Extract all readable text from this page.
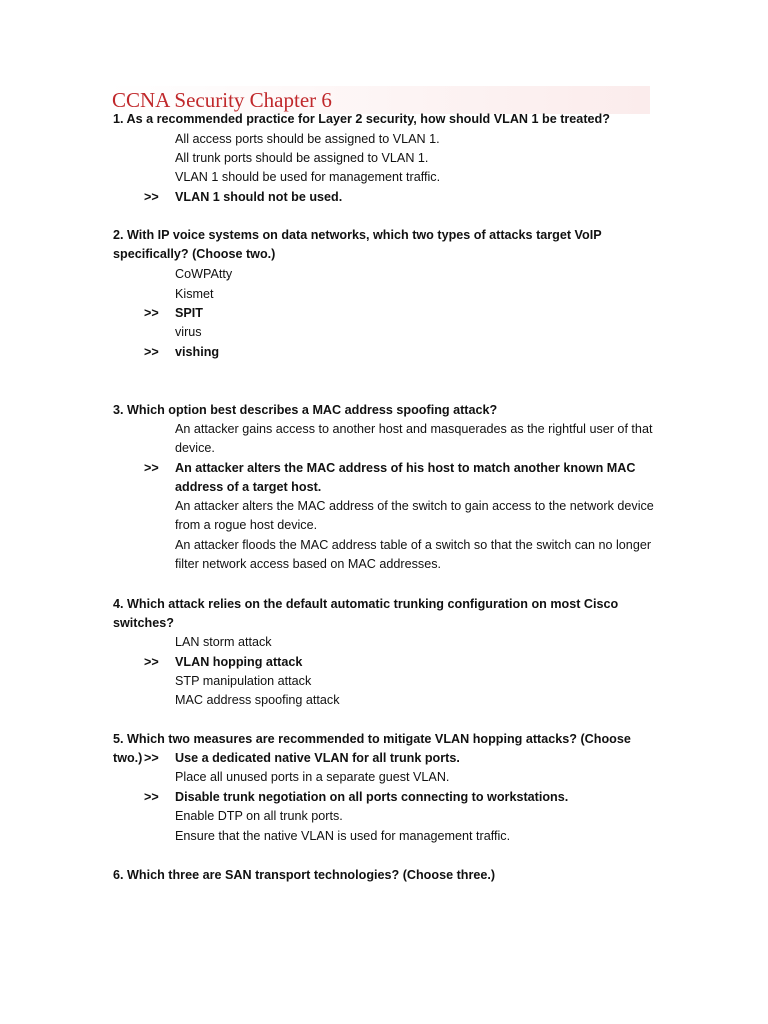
CCNA Security Chapter 6
1. As a recommended practice for Layer 2 security, how should VLAN 1 be treated?
All access ports should be assigned to VLAN 1.
All trunk ports should be assigned to VLAN 1.
VLAN 1 should be used for management traffic.
>> VLAN 1 should not be used.
2. With IP voice systems on data networks, which two types of attacks target VoIP specifically? (Choose two.)
CoWPAtty
Kismet
>> SPIT
virus
>> vishing
3. Which option best describes a MAC address spoofing attack?
An attacker gains access to another host and masquerades as the rightful user of that device.
>> An attacker alters the MAC address of his host to match another known MAC address of a target host.
An attacker alters the MAC address of the switch to gain access to the network device from a rogue host device.
An attacker floods the MAC address table of a switch so that the switch can no longer filter network access based on MAC addresses.
4. Which attack relies on the default automatic trunking configuration on most Cisco switches?
LAN storm attack
>> VLAN hopping attack
STP manipulation attack
MAC address spoofing attack
5. Which two measures are recommended to mitigate VLAN hopping attacks? (Choose two.) >> Use a dedicated native VLAN for all trunk ports.
Place all unused ports in a separate guest VLAN.
>> Disable trunk negotiation on all ports connecting to workstations.
Enable DTP on all trunk ports.
Ensure that the native VLAN is used for management traffic.
6. Which three are SAN transport technologies? (Choose three.)
